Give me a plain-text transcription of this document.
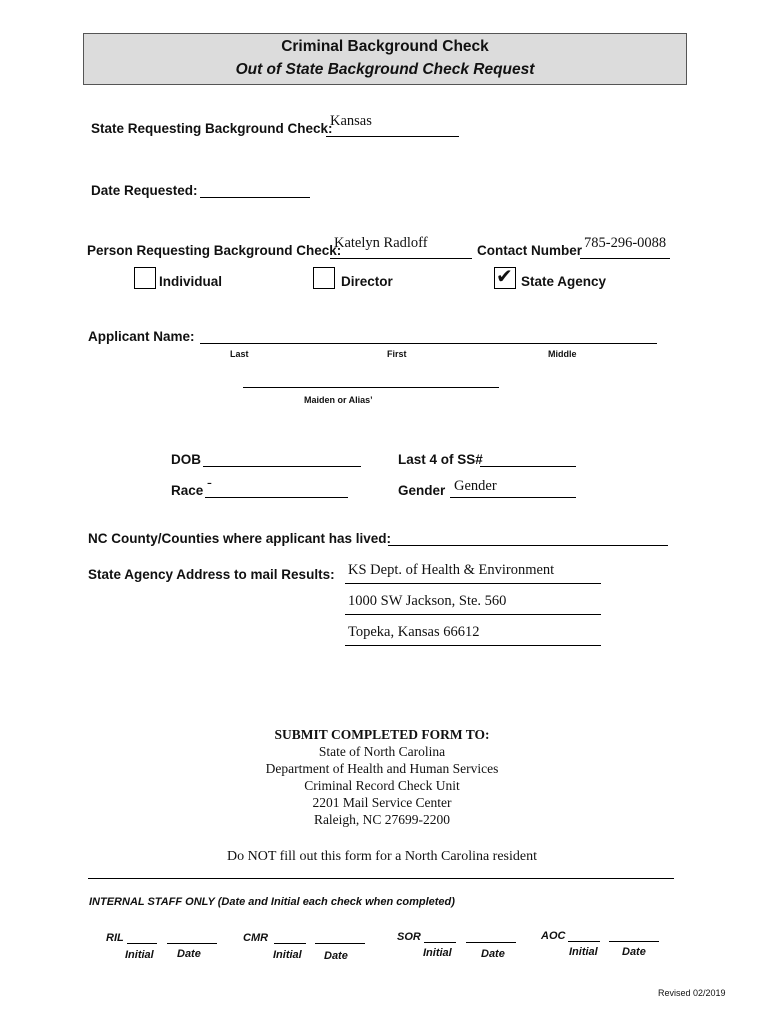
Criminal Background Check
Out of State Background Check Request
State Requesting Background Check:
Kansas
Date Requested:
Person Requesting Background Check:
Katelyn Radloff	Contact Number 785-296-0088
Individual	Director	✔ State Agency
Applicant Name:
Last	First	Middle
Maiden or Alias’
DOB	Last 4 of SS#
Race -	Gender Gender
NC County/Counties where applicant has lived:
State Agency Address to mail Results: KS Dept. of Health & Environment
1000 SW Jackson, Ste. 560
Topeka, Kansas 66612
SUBMIT COMPLETED FORM TO:
State of North Carolina
Department of Health and Human Services
Criminal Record Check Unit
2201 Mail Service Center
Raleigh, NC 27699-2200
Do NOT fill out this form for a North Carolina resident
INTERNAL STAFF ONLY (Date and Initial each check when completed)
RIL
Initial Date
CMR
Initial Date
SOR
Initial	Date
AOC
Initial Date
Revised 02/2019
